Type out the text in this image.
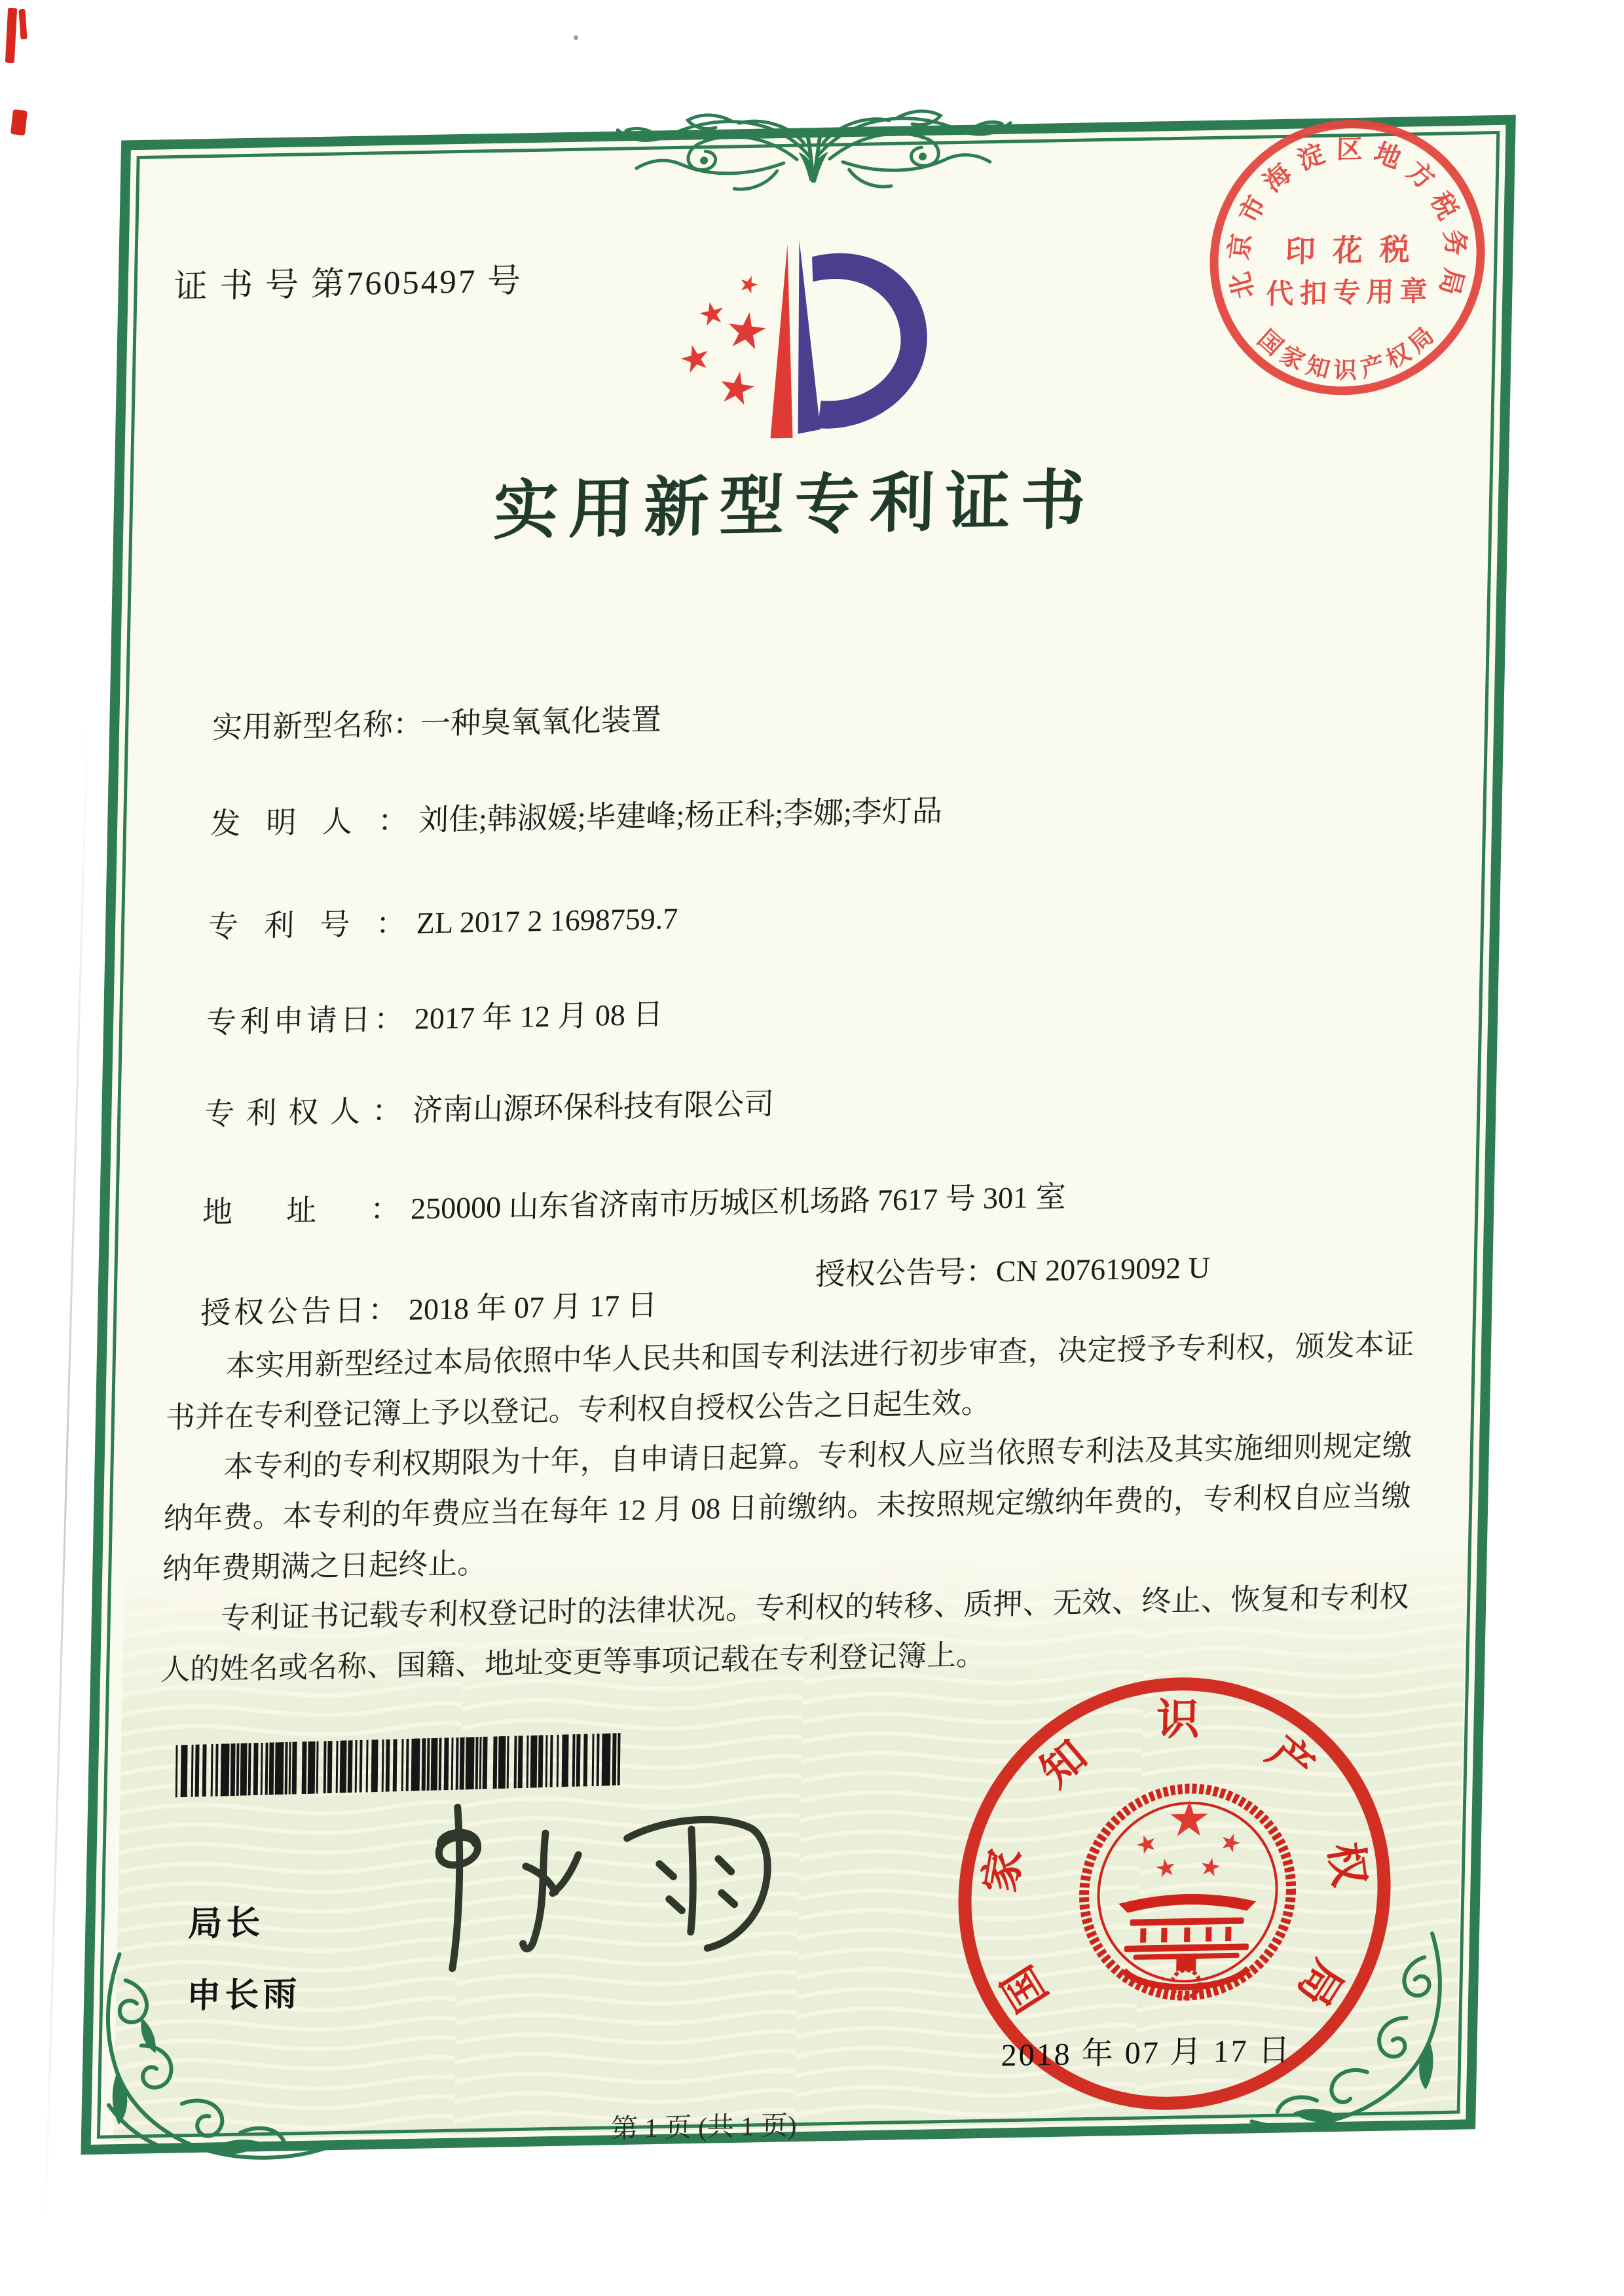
证 书 号 第7605497 号	北
京
市
海
淀 区 地
方
税
务
局
国
家
知 识 产
权
局
印花税
代扣专用章
实用新型专利证书
实用新型名称：一种臭氧氧化装置
发明人： 刘佳;韩淑媛;毕建峰;杨正科;李娜;李灯品
专利号： ZL 2017 2 1698759.7
专利申请日： 2017 年 12 月 08 日
专利权人： 济南山源环保科技有限公司
地址： 250000 山东省济南市历城区机场路 7617 号 301 室
授权公告日： 2018 年 07 月 17 日
授权公告号：CN 207619092 U

本实用新型经过本局依照中华人民共和国专利法进行初步审查，决定授予专利权，颁发本证书并在专利登记簿上予以登记。专利权自授权公告之日起生效。

本专利的专利权期限为十年，自申请日起算。专利权人应当依照专利法及其实施细则规定缴纳年费。本专利的年费应当在每年 12 月 08 日前缴纳。未按照规定缴纳年费的，专利权自应当缴纳年费期满之日起终止。

专利证书记载专利权登记时的法律状况。专利权的转移、质押、无效、终止、恢复和专利权人的姓名或名称、国籍、地址变更等事项记载在专利登记簿上。

局长
申长雨	国
家
知
识
产
权
局
2018 年 07 月 17 日
第 1 页 (共 1 页)
